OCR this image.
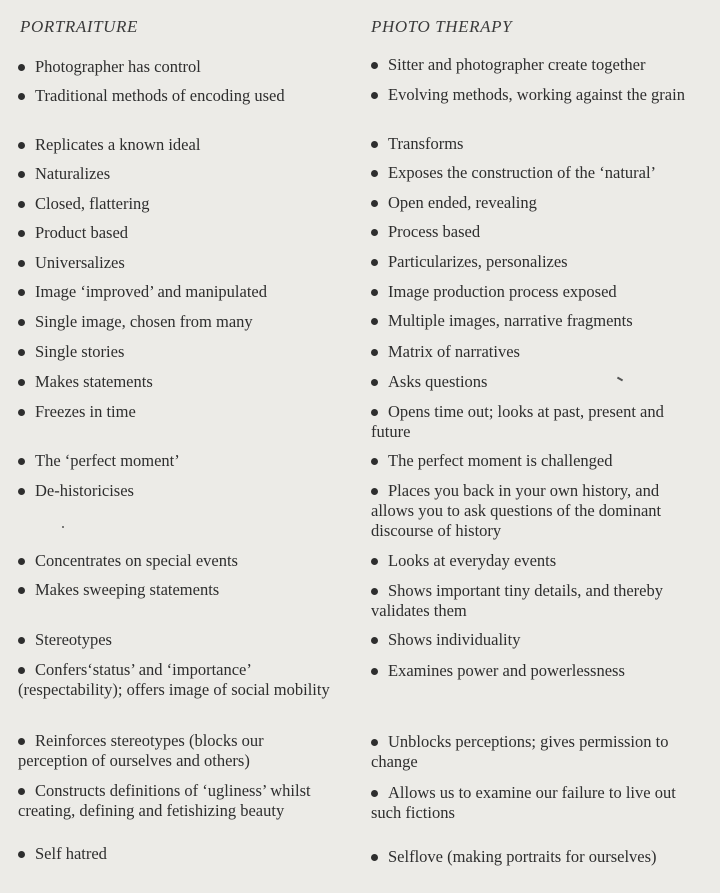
PORTRAITURE	PHOTO THERAPY
Photographer has control
Traditional methods of encoding used
Replicates a known ideal
Naturalizes
Closed, flattering
Product based
Universalizes
Image ‘improved’ and manipulated
Single image, chosen from many
Single stories
Makes statements
Freezes in time
The ‘perfect moment’
De-historicises
Concentrates on special events
Makes sweeping statements
Stereotypes
Confers‘status’ and ‘importance’ (respectability); offers image of social mobility
Reinforces stereotypes (blocks our perception of ourselves and others)
Constructs definitions of ‘ugliness’ whilst creating, defining and fetishizing beauty
Self hatred
Sitter and photographer create together
Evolving methods, working against the grain
Transforms
Exposes the construction of the ‘natural’
Open ended, revealing
Process based
Particularizes, personalizes
Image production process exposed
Multiple images, narrative fragments
Matrix of narratives
Asks questions
Opens time out; looks at past, present and future
The perfect moment is challenged
Places you back in your own history, and allows you to ask questions of the dominant discourse of history
Looks at everyday events
Shows important tiny details, and thereby validates them
Shows individuality
Examines power and powerlessness
Unblocks perceptions; gives permission to change
Allows us to examine our failure to live out such fictions
Selflove (making portraits for ourselves)
